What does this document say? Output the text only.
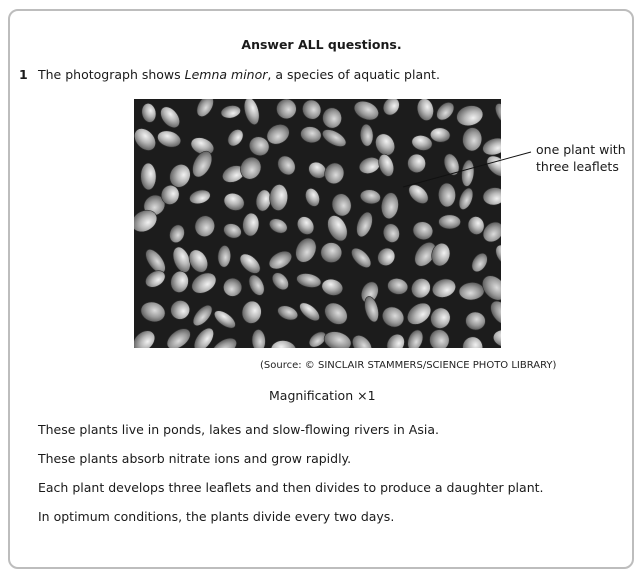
Answer ALL questions.
1 The photograph shows Lemna minor, a species of aquatic plant.
one plant with
three leaflets
(Source: © SINCLAIR STAMMERS/SCIENCE PHOTO LIBRARY)
Magnification ×1
These plants live in ponds, lakes and slow-flowing rivers in Asia.
These plants absorb nitrate ions and grow rapidly.
Each plant develops three leaflets and then divides to produce a daughter plant.
In optimum conditions, the plants divide every two days.
